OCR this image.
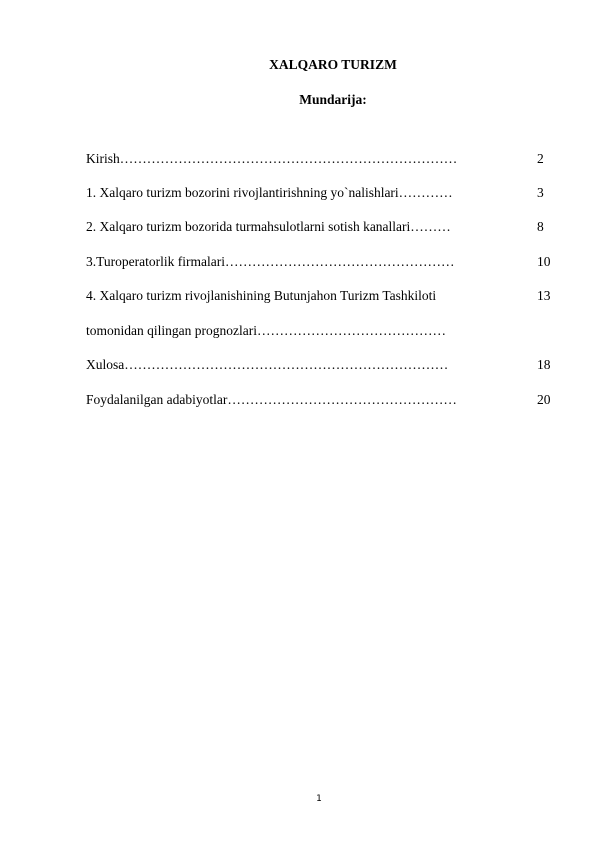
XALQARO TURIZM
Mundarija:
Kirish…………………………………………………………………	2
1. Xalqaro turizm bozorini rivojlantirishning yo`nalishlari…………	3
2. Xalqaro turizm bozorida turmahsulotlarni sotish kanallari………	8
3.Turoperatorlik firmalari……………………………………………	10
4. Xalqaro turizm rivojlanishining Butunjahon Turizm Tashkiloti	13
tomonidan qilingan prognozlari……………………………………
Xulosa………………………………………………………………	18
Foydalanilgan adabiyotlar……………………………………………	20
1
